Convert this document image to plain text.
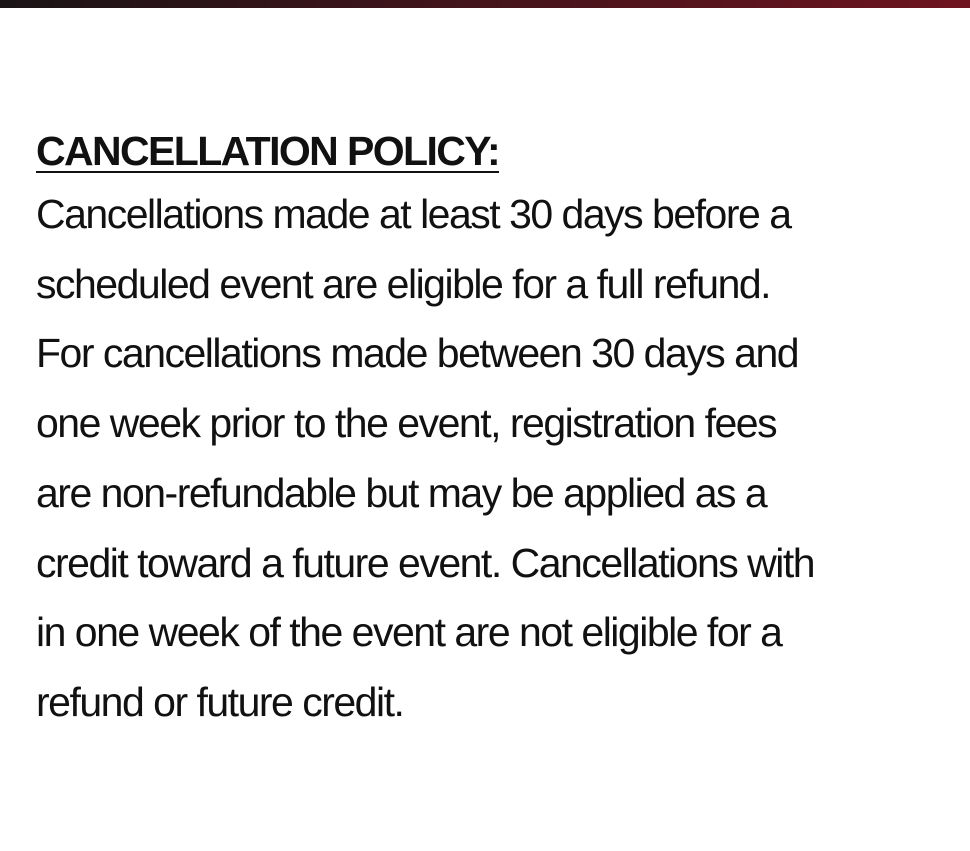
CANCELLATION POLICY:
Cancellations made at least 30 days before a
scheduled event are eligible for a full refund.
For cancellations made between 30 days and
one week prior to the event, registration fees
are non-refundable but may be applied as a
credit toward a future event. Cancellations with
in one week of the event are not eligible for a
refund or future credit.
